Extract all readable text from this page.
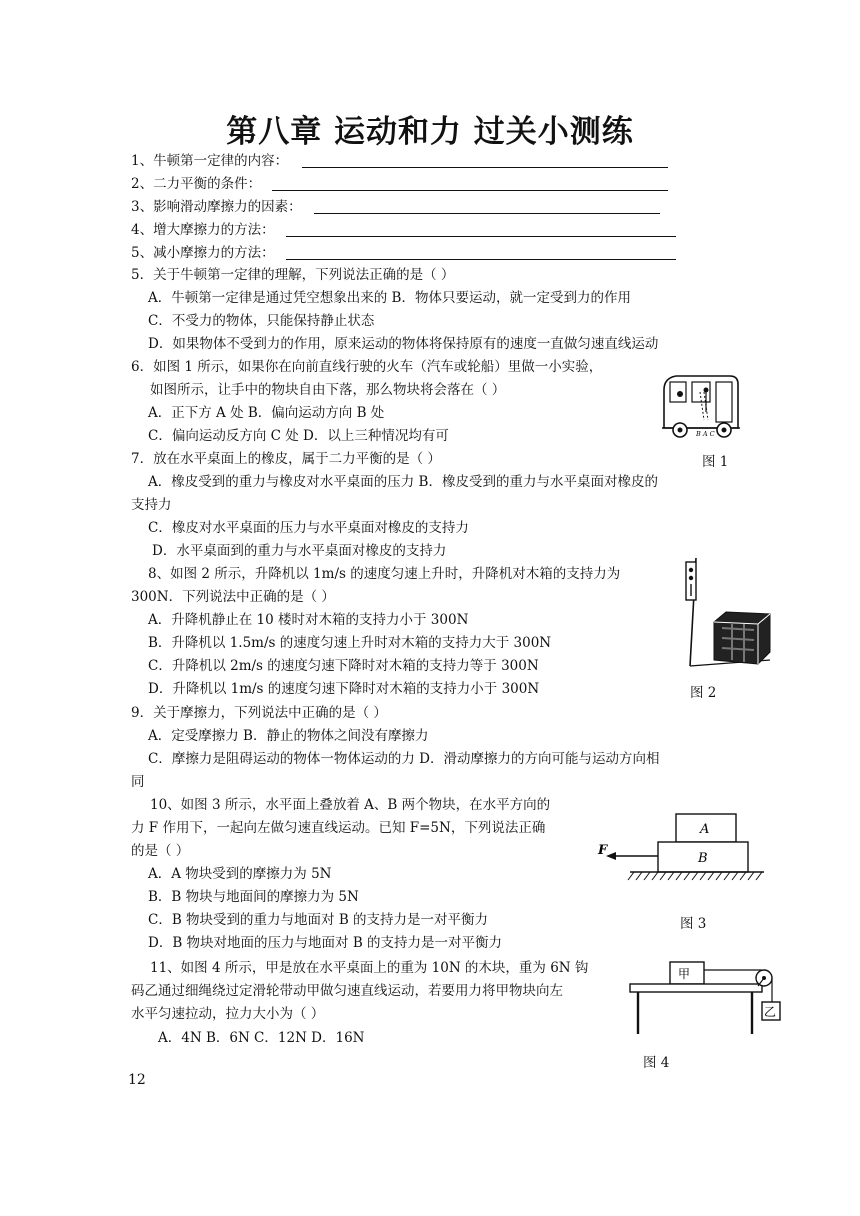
第八章 运动和力 过关小测练
1、牛顿第一定律的内容：
2、二力平衡的条件：
3、影响滑动摩擦力的因素：
4、增大摩擦力的方法：
5、减小摩擦力的方法：
5．关于牛顿第一定律的理解，下列说法正确的是（ ）
A．牛顿第一定律是通过凭空想象出来的 B．物体只要运动，就一定受到力的作用
C．不受力的物体，只能保持静止状态
D．如果物体不受到力的作用，原来运动的物体将保持原有的速度一直做匀速直线运动
6．如图 1 所示，如果你在向前直线行驶的火车（汽车或轮船）里做一小实验，
如图所示，让手中的物块自由下落，那么物块将会落在（ ）
A．正下方 A 处 B．偏向运动方向 B 处
C．偏向运动反方向 C 处 D．以上三种情况均有可	B A C
图 1
7．放在水平桌面上的橡皮，属于二力平衡的是（ ）
A．橡皮受到的重力与橡皮对水平桌面的压力 B．橡皮受到的重力与水平桌面对橡皮的
支持力
C．橡皮对水平桌面的压力与水平桌面对橡皮的支持力
D．水平桌面到的重力与水平桌面对橡皮的支持力
8、如图 2 所示，升降机以 1m/s 的速度匀速上升时，升降机对木箱的支持力为
300N．下列说法中正确的是（ ）
A．升降机静止在 10 楼时对木箱的支持力小于 300N
B．升降机以 1.5m/s 的速度匀速上升时对木箱的支持力大于 300N
C．升降机以 2m/s 的速度匀速下降时对木箱的支持力等于 300N
D．升降机以 1m/s 的速度匀速下降时对木箱的支持力小于 300N	图 2
9．关于摩擦力，下列说法中正确的是（ ）
A．定受摩擦力 B．静止的物体之间没有摩擦力
C．摩擦力是阻碍运动的物体一物体运动的力 D．滑动摩擦力的方向可能与运动方向相
同
10、如图 3 所示，水平面上叠放着 A、B 两个物块，在水平方向的
力 F 作用下，一起向左做匀速直线运动。已知 F=5N，下列说法正确
的是（ ）
A．A 物块受到的摩擦力为 5N
B．B 物块与地面间的摩擦力为 5N
C．B 物块受到的重力与地面对 B 的支持力是一对平衡力
D．B 物块对地面的压力与地面对 B 的支持力是一对平衡力
A
B
F
图 3
11、如图 4 所示，甲是放在水平桌面上的重为 10N 的木块，重为 6N 钩
码乙通过细绳绕过定滑轮带动甲做匀速直线运动，若要用力将甲物块向左
水平匀速拉动，拉力大小为（ ）
A．4N B．6N C．12N D．16N
甲
乙
图 4
12
